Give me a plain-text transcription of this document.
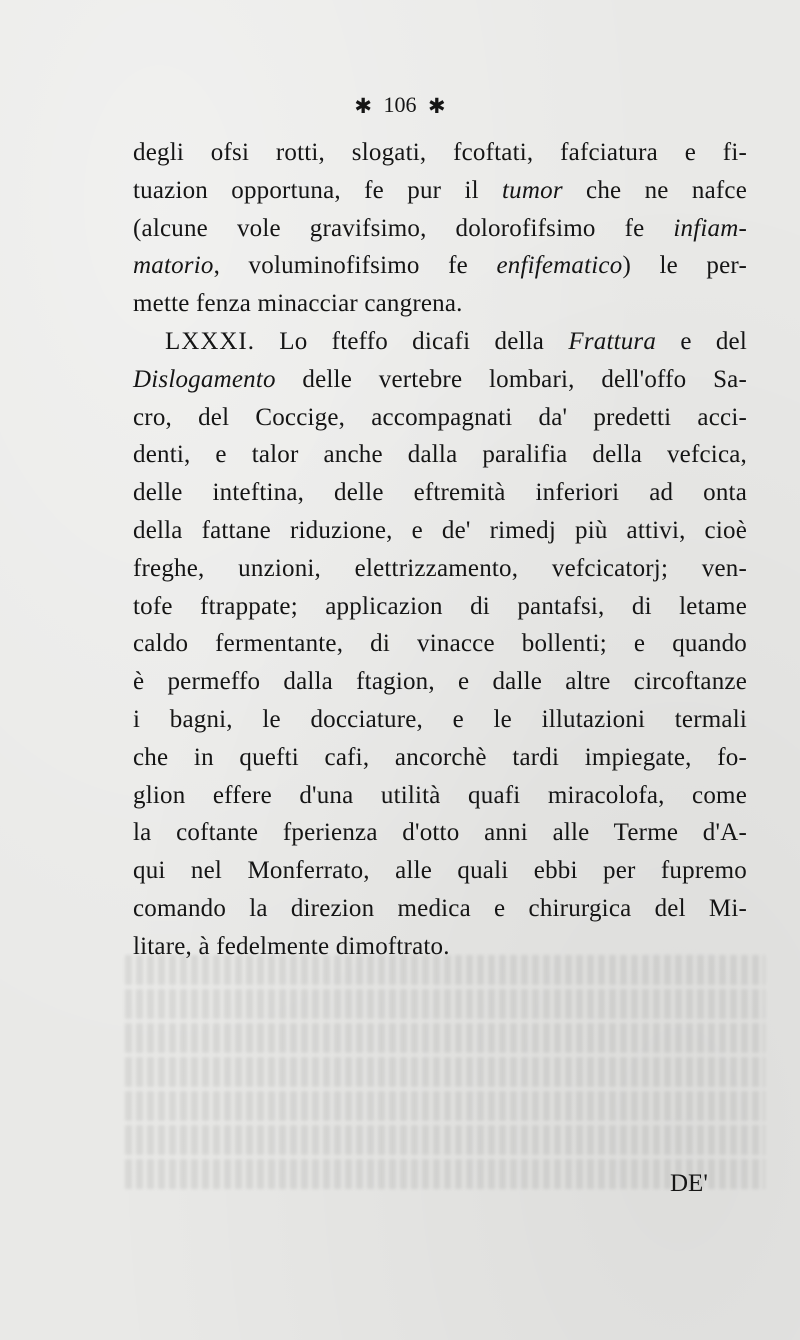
✱ 106 ✱
degli ofsi rotti, slogati, fcoftati, fafciatura e fi-
tuazion opportuna, fe pur il tumor che ne nafce
(alcune vole gravifsimo, dolorofifsimo fe infiam-
matorio, voluminofifsimo fe enfifematico) le per-
mette fenza minacciar cangrena.
LXXXI. Lo fteffo dicafi della Frattura e del
Dislogamento delle vertebre lombari, dell'offo Sa-
cro, del Coccige, accompagnati da' predetti acci-
denti, e talor anche dalla paralifia della vefcica,
delle inteftina, delle eftremità inferiori ad onta
della fattane riduzione, e de' rimedj più attivi, cioè
freghe, unzioni, elettrizzamento, vefcicatorj; ven-
tofe ftrappate; applicazion di pantafsi, di letame
caldo fermentante, di vinacce bollenti; e quando
è permeffo dalla ftagion, e dalle altre circoftanze
i bagni, le docciature, e le illutazioni termali
che in quefti cafi, ancorchè tardi impiegate, fo-
glion effere d'una utilità quafi miracolofa, come
la coftante fperienza d'otto anni alle Terme d'A-
qui nel Monferrato, alle quali ebbi per fupremo
comando la direzion medica e chirurgica del Mi-
litare, à fedelmente dimoftrato.
DE'
